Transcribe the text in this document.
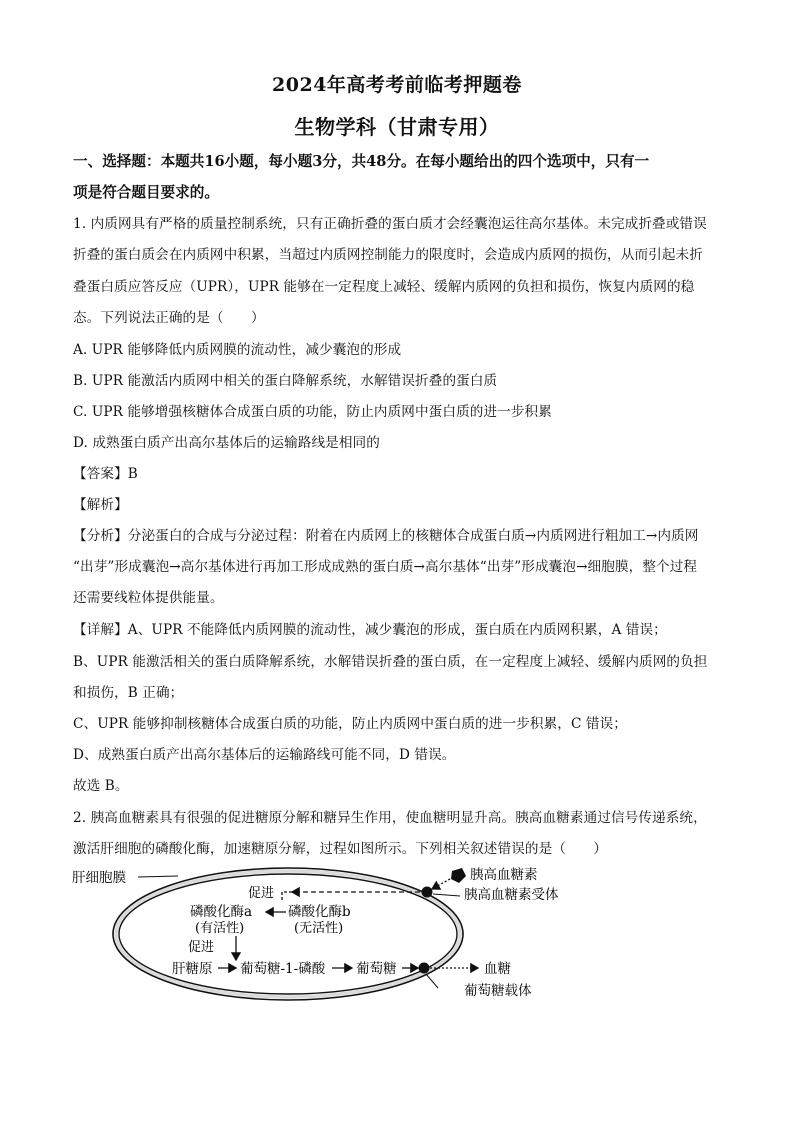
2024年高考考前临考押题卷
生物学科（甘肃专用）
一、选择题：本题共16小题，每小题3分，共48分。在每小题给出的四个选项中，只有一
项是符合题目要求的。
1. 内质网具有严格的质量控制系统，只有正确折叠的蛋白质才会经囊泡运往高尔基体。未完成折叠或错误
折叠的蛋白质会在内质网中积累，当超过内质网控制能力的限度时，会造成内质网的损伤，从而引起未折
叠蛋白质应答反应（UPR），UPR 能够在一定程度上减轻、缓解内质网的负担和损伤，恢复内质网的稳
态。下列说法正确的是（　　）
A. UPR 能够降低内质网膜的流动性，减少囊泡的形成
B. UPR 能激活内质网中相关的蛋白降解系统，水解错误折叠的蛋白质
C. UPR 能够增强核糖体合成蛋白质的功能，防止内质网中蛋白质的进一步积累
D. 成熟蛋白质产出高尔基体后的运输路线是相同的
【答案】B
【解析】
【分析】分泌蛋白的合成与分泌过程：附着在内质网上的核糖体合成蛋白质→内质网进行粗加工→内质网
“出芽”形成囊泡→高尔基体进行再加工形成成熟的蛋白质→高尔基体“出芽”形成囊泡→细胞膜，整个过程
还需要线粒体提供能量。
【详解】A、UPR 不能降低内质网膜的流动性，减少囊泡的形成，蛋白质在内质网积累，A 错误；
B、UPR 能激活相关的蛋白质降解系统，水解错误折叠的蛋白质，在一定程度上减轻、缓解内质网的负担
和损伤，B 正确；
C、UPR 能够抑制核糖体合成蛋白质的功能，防止内质网中蛋白质的进一步积累，C 错误；
D、成熟蛋白质产出高尔基体后的运输路线可能不同，D 错误。
故选 B。
2. 胰高血糖素具有很强的促进糖原分解和糖异生作用，使血糖明显升高。胰高血糖素通过信号传递系统，
激活肝细胞的磷酸化酶，加速糖原分解，过程如图所示。下列相关叙述错误的是（　　）
肝细胞膜	胰高血糖素
胰高血糖素受体
促进
磷酸化酶a
(有活性)
磷酸化酶b
(无活性)
促进
肝糖原 葡萄糖-1-磷酸 葡萄糖	血糖
葡萄糖载体
